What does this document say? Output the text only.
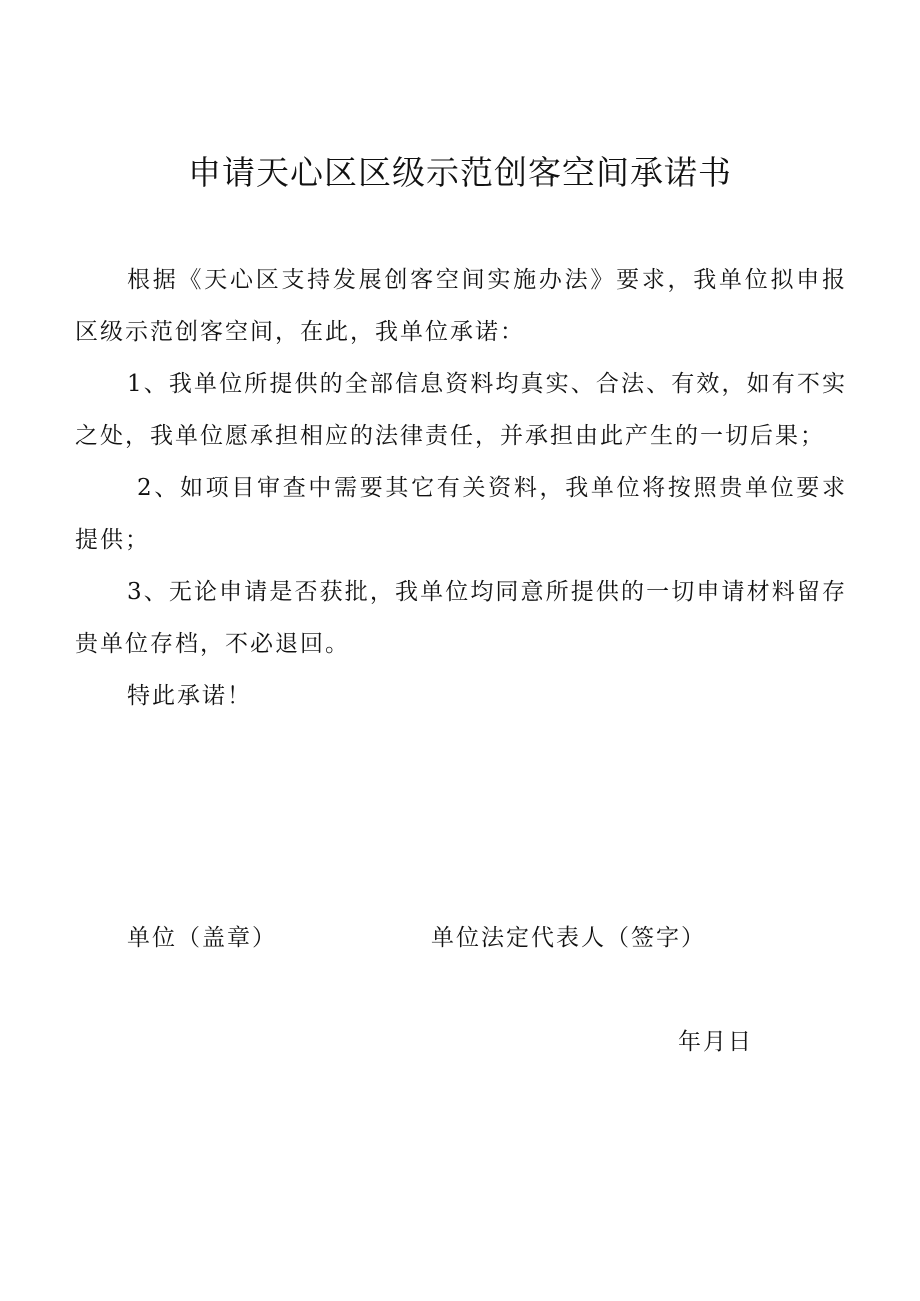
申请天心区区级示范创客空间承诺书

根据《天心区支持发展创客空间实施办法》要求，我单位拟申报区级示范创客空间，在此，我单位承诺：

1、我单位所提供的全部信息资料均真实、合法、有效，如有不实之处，我单位愿承担相应的法律责任，并承担由此产生的一切后果；

2、如项目审查中需要其它有关资料，我单位将按照贵单位要求提供；

3、无论申请是否获批，我单位均同意所提供的一切申请材料留存贵单位存档，不必退回。

特此承诺！

单位（盖章）	单位法定代表人（签字）
年月日
